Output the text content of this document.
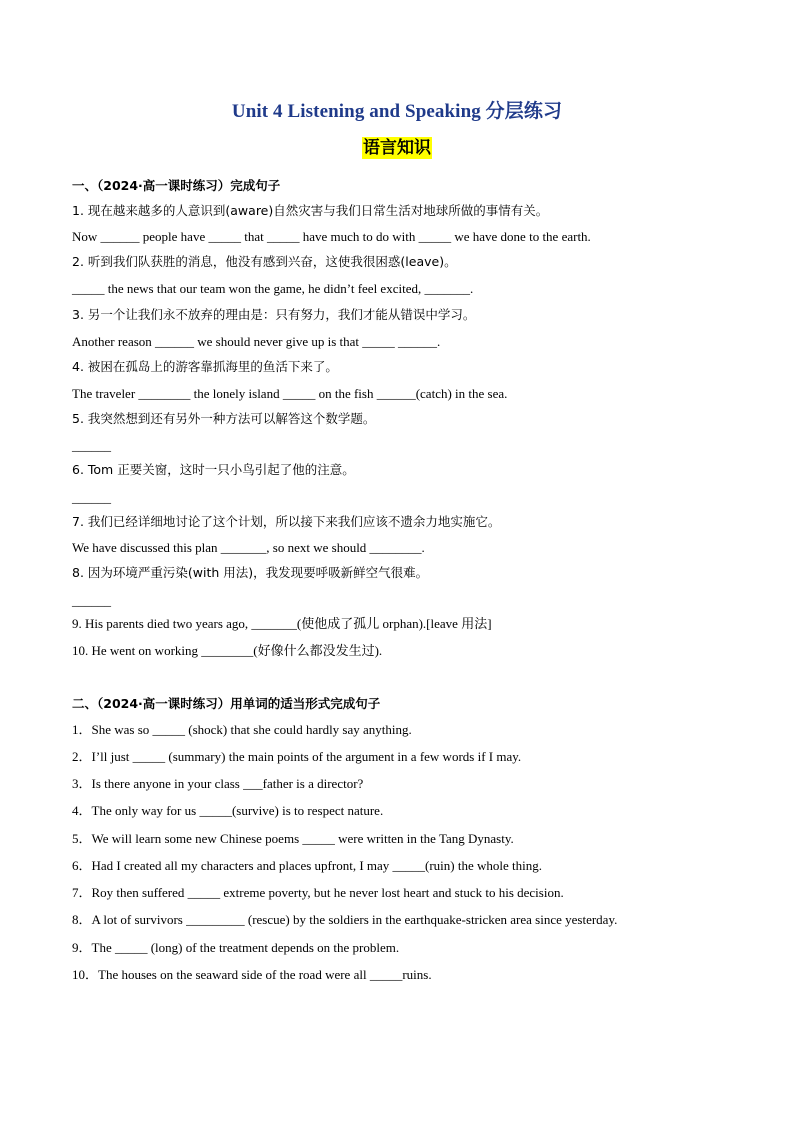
Unit 4 Listening and Speaking 分层练习
语言知识
一、（2024·高一课时练习）完成句子
1. 现在越来越多的人意识到(aware)自然灾害与我们日常生活对地球所做的事情有关。
Now ______ people have _____ that _____ have much to do with _____ we have done to the earth.
2. 听到我们队获胜的消息，他没有感到兴奋，这使我很困惑(leave)。
_____ the news that our team won the game, he didn’t feel excited, _______.
3. 另一个让我们永不放弃的理由是：只有努力，我们才能从错误中学习。
Another reason ______ we should never give up is that _____ ______.
4. 被困在孤岛上的游客靠抓海里的鱼活下来了。
The traveler ________ the lonely island _____ on the fish ______(catch) in the sea.
5. 我突然想到还有另外一种方法可以解答这个数学题。
______
6. Tom 正要关窗，这时一只小鸟引起了他的注意。
______
7. 我们已经详细地讨论了这个计划，所以接下来我们应该不遗余力地实施它。
We have discussed this plan _______, so next we should ________.
8. 因为环境严重污染(with 用法)，我发现要呼吸新鲜空气很难。
______
9. His parents died two years ago, _______(使他成了孤儿 orphan).[leave 用法]
10. He went on working ________(好像什么都没发生过).
二、（2024·高一课时练习）用单词的适当形式完成句子
1．She was so _____ (shock) that she could hardly say anything.
2．I’ll just _____ (summary) the main points of the argument in a few words if I may.
3．Is there anyone in your class ___father is a director?
4．The only way for us _____(survive) is to respect nature.
5．We will learn some new Chinese poems _____ were written in the Tang Dynasty.
6．Had I created all my characters and places upfront, I may _____(ruin) the whole thing.
7．Roy then suffered _____ extreme poverty, but he never lost heart and stuck to his decision.
8．A lot of survivors _________ (rescue) by the soldiers in the earthquake-stricken area since yesterday.
9．The _____ (long) of the treatment depends on the problem.
10．The houses on the seaward side of the road were all _____ruins.
